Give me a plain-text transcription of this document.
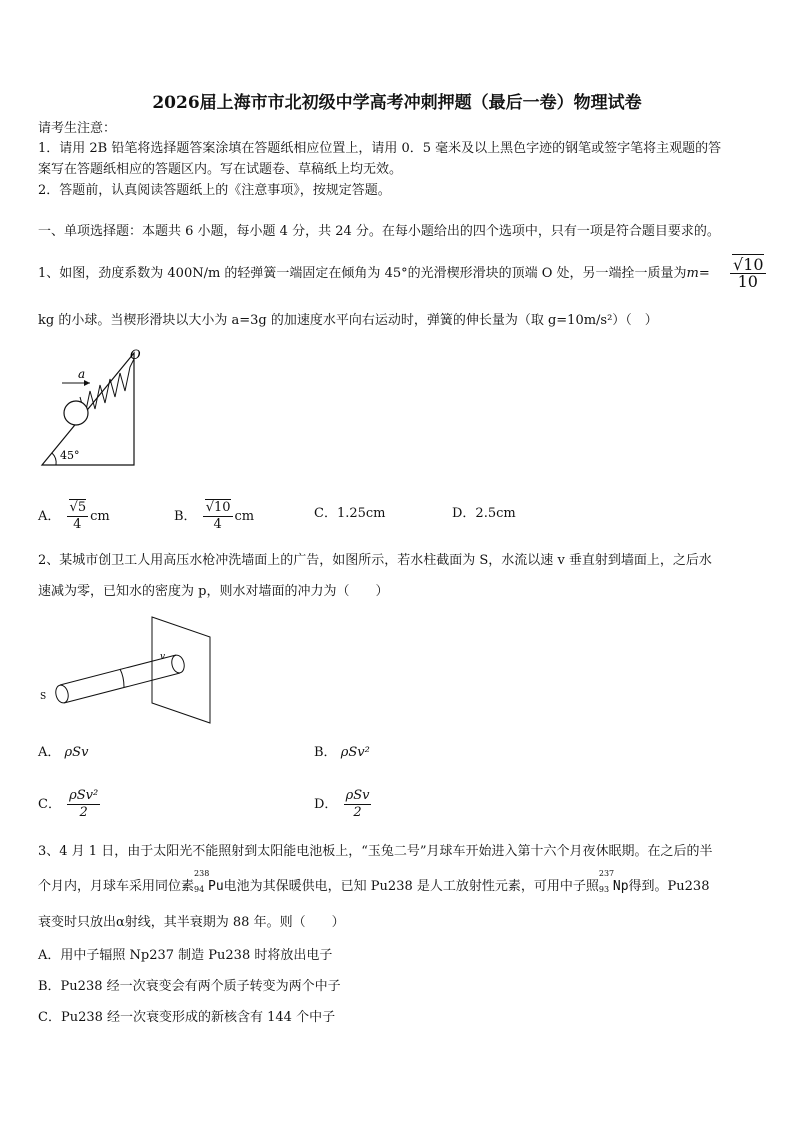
2026届上海市市北初级中学高考冲刺押题（最后一卷）物理试卷
请考生注意：
1．请用 2B 铅笔将选择题答案涂填在答题纸相应位置上，请用 0．5 毫米及以上黑色字迹的钢笔或签字笔将主观题的答
案写在答题纸相应的答题区内。写在试题卷、草稿纸上均无效。
2．答题前，认真阅读答题纸上的《注意事项》，按规定答题。
一、单项选择题：本题共 6 小题，每小题 4 分，共 24 分。在每小题给出的四个选项中，只有一项是符合题目要求的。
1、如图，劲度系数为 400N/m 的轻弹簧一端固定在倾角为 45°的光滑楔形滑块的顶端 O 处，另一端拴一质量为m=	$\frac{√10}{10}$
kg 的小球。当楔形滑块以大小为 a=3g 的加速度水平向右运动时，弹簧的伸长量为（取 g=10m/s²）（　）
a
O
45°
A． $\frac{√5}{4}$ cm	B． $\frac{√10}{4}$ cm	C．1.25cm	D．2.5cm
2、某城市创卫工人用高压水枪冲洗墙面上的广告，如图所示，若水柱截面为 S，水流以速 v 垂直射到墙面上，之后水
速减为零，已知水的密度为 p，则水对墙面的冲力为（　　）
S
v
A． ρSv	B． ρSv²
C． $\frac{\text{ρSv²}}{2}$	D． $\frac{\text{ρSv}}{2}$
3、4 月 1 日，由于太阳光不能照射到太阳能电池板上，“玉兔二号”月球车开始进入第十六个月夜休眠期。在之后的半
个月内，月球车采用同位素
238
94 Pu电池为其保暖供电，已知 Pu238 是人工放射性元素，可用中子照
237
93 Np得到。Pu238
衰变时只放出α射线，其半衰期为 88 年。则（　　）
A．用中子辐照 Np237 制造 Pu238 时将放出电子
B．Pu238 经一次衰变会有两个质子转变为两个中子
C．Pu238 经一次衰变形成的新核含有 144 个中子
